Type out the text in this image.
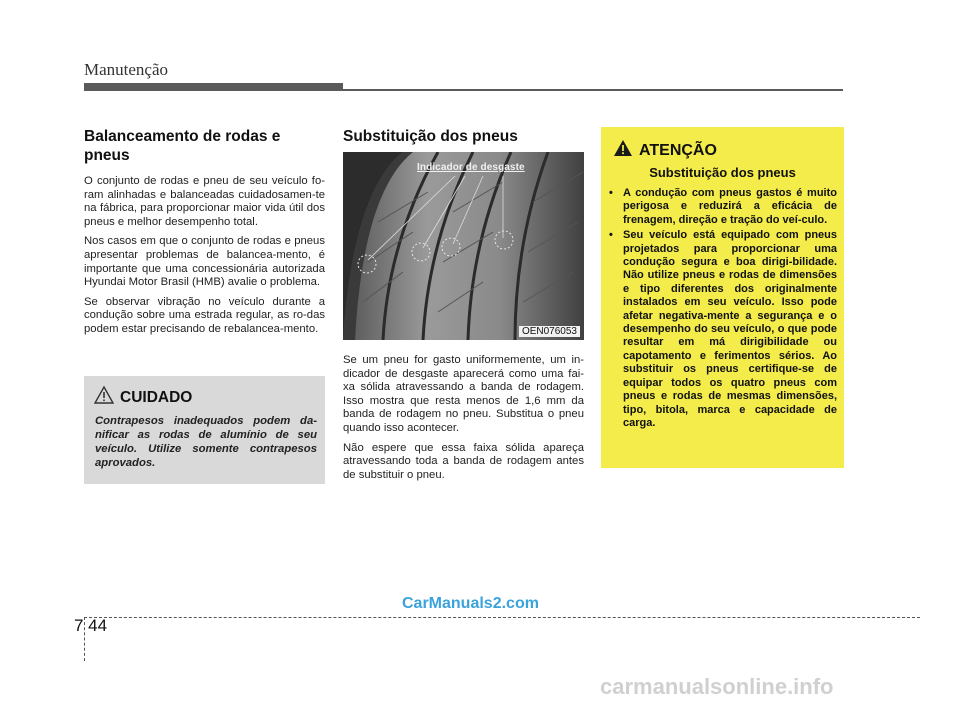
Manutenção
Balanceamento de rodas e pneus

O conjunto de rodas e pneu de seu veículo fo-ram alinhadas e balanceadas cuidadosamen-te na fábrica, para proporcionar maior vida útil dos pneus e melhor desempenho total.

Nos casos em que o conjunto de rodas e pneus apresentar problemas de balancea-mento, é importante que uma concessionária autorizada Hyundai Motor Brasil (HMB) avalie o problema.

Se observar vibração no veículo durante a condução sobre uma estrada regular, as ro-das podem estar precisando de rebalancea-mento.

CUIDADO
Contrapesos inadequados podem da-nificar as rodas de alumínio de seu veículo. Utilize somente contrapesos aprovados.
Substituição dos pneus
Indicador de desgaste
OEN076053

Se um pneu for gasto uniformemente, um in-dicador de desgaste aparecerá como uma fai-xa sólida atravessando a banda de rodagem. Isso mostra que resta menos de 1,6 mm da banda de rodagem no pneu. Substitua o pneu quando isso acontecer.

Não espere que essa faixa sólida apareça atravessando toda a banda de rodagem antes de substituir o pneu.

ATENÇÃO
Substituição dos pneus
• A condução com pneus gastos é muito perigosa e reduzirá a eficácia de frenagem, direção e tração do veí-culo.
• Seu veículo está equipado com pneus projetados para proporcionar uma condução segura e boa dirigi-bilidade. Não utilize pneus e rodas de dimensões e tipo diferentes dos originalmente instalados em seu veículo. Isso pode afetar negativa-mente a segurança e o desempenho do seu veículo, o que pode resultar em má dirigibilidade ou capotamento e ferimentos sérios. Ao substituir os pneus certifique-se de equipar todos os quatro pneus com pneus e rodas de mesmas dimensões, tipo, bitola, marca e capacidade de carga.
CarManuals2.com
7 44
carmanualsonline.info
